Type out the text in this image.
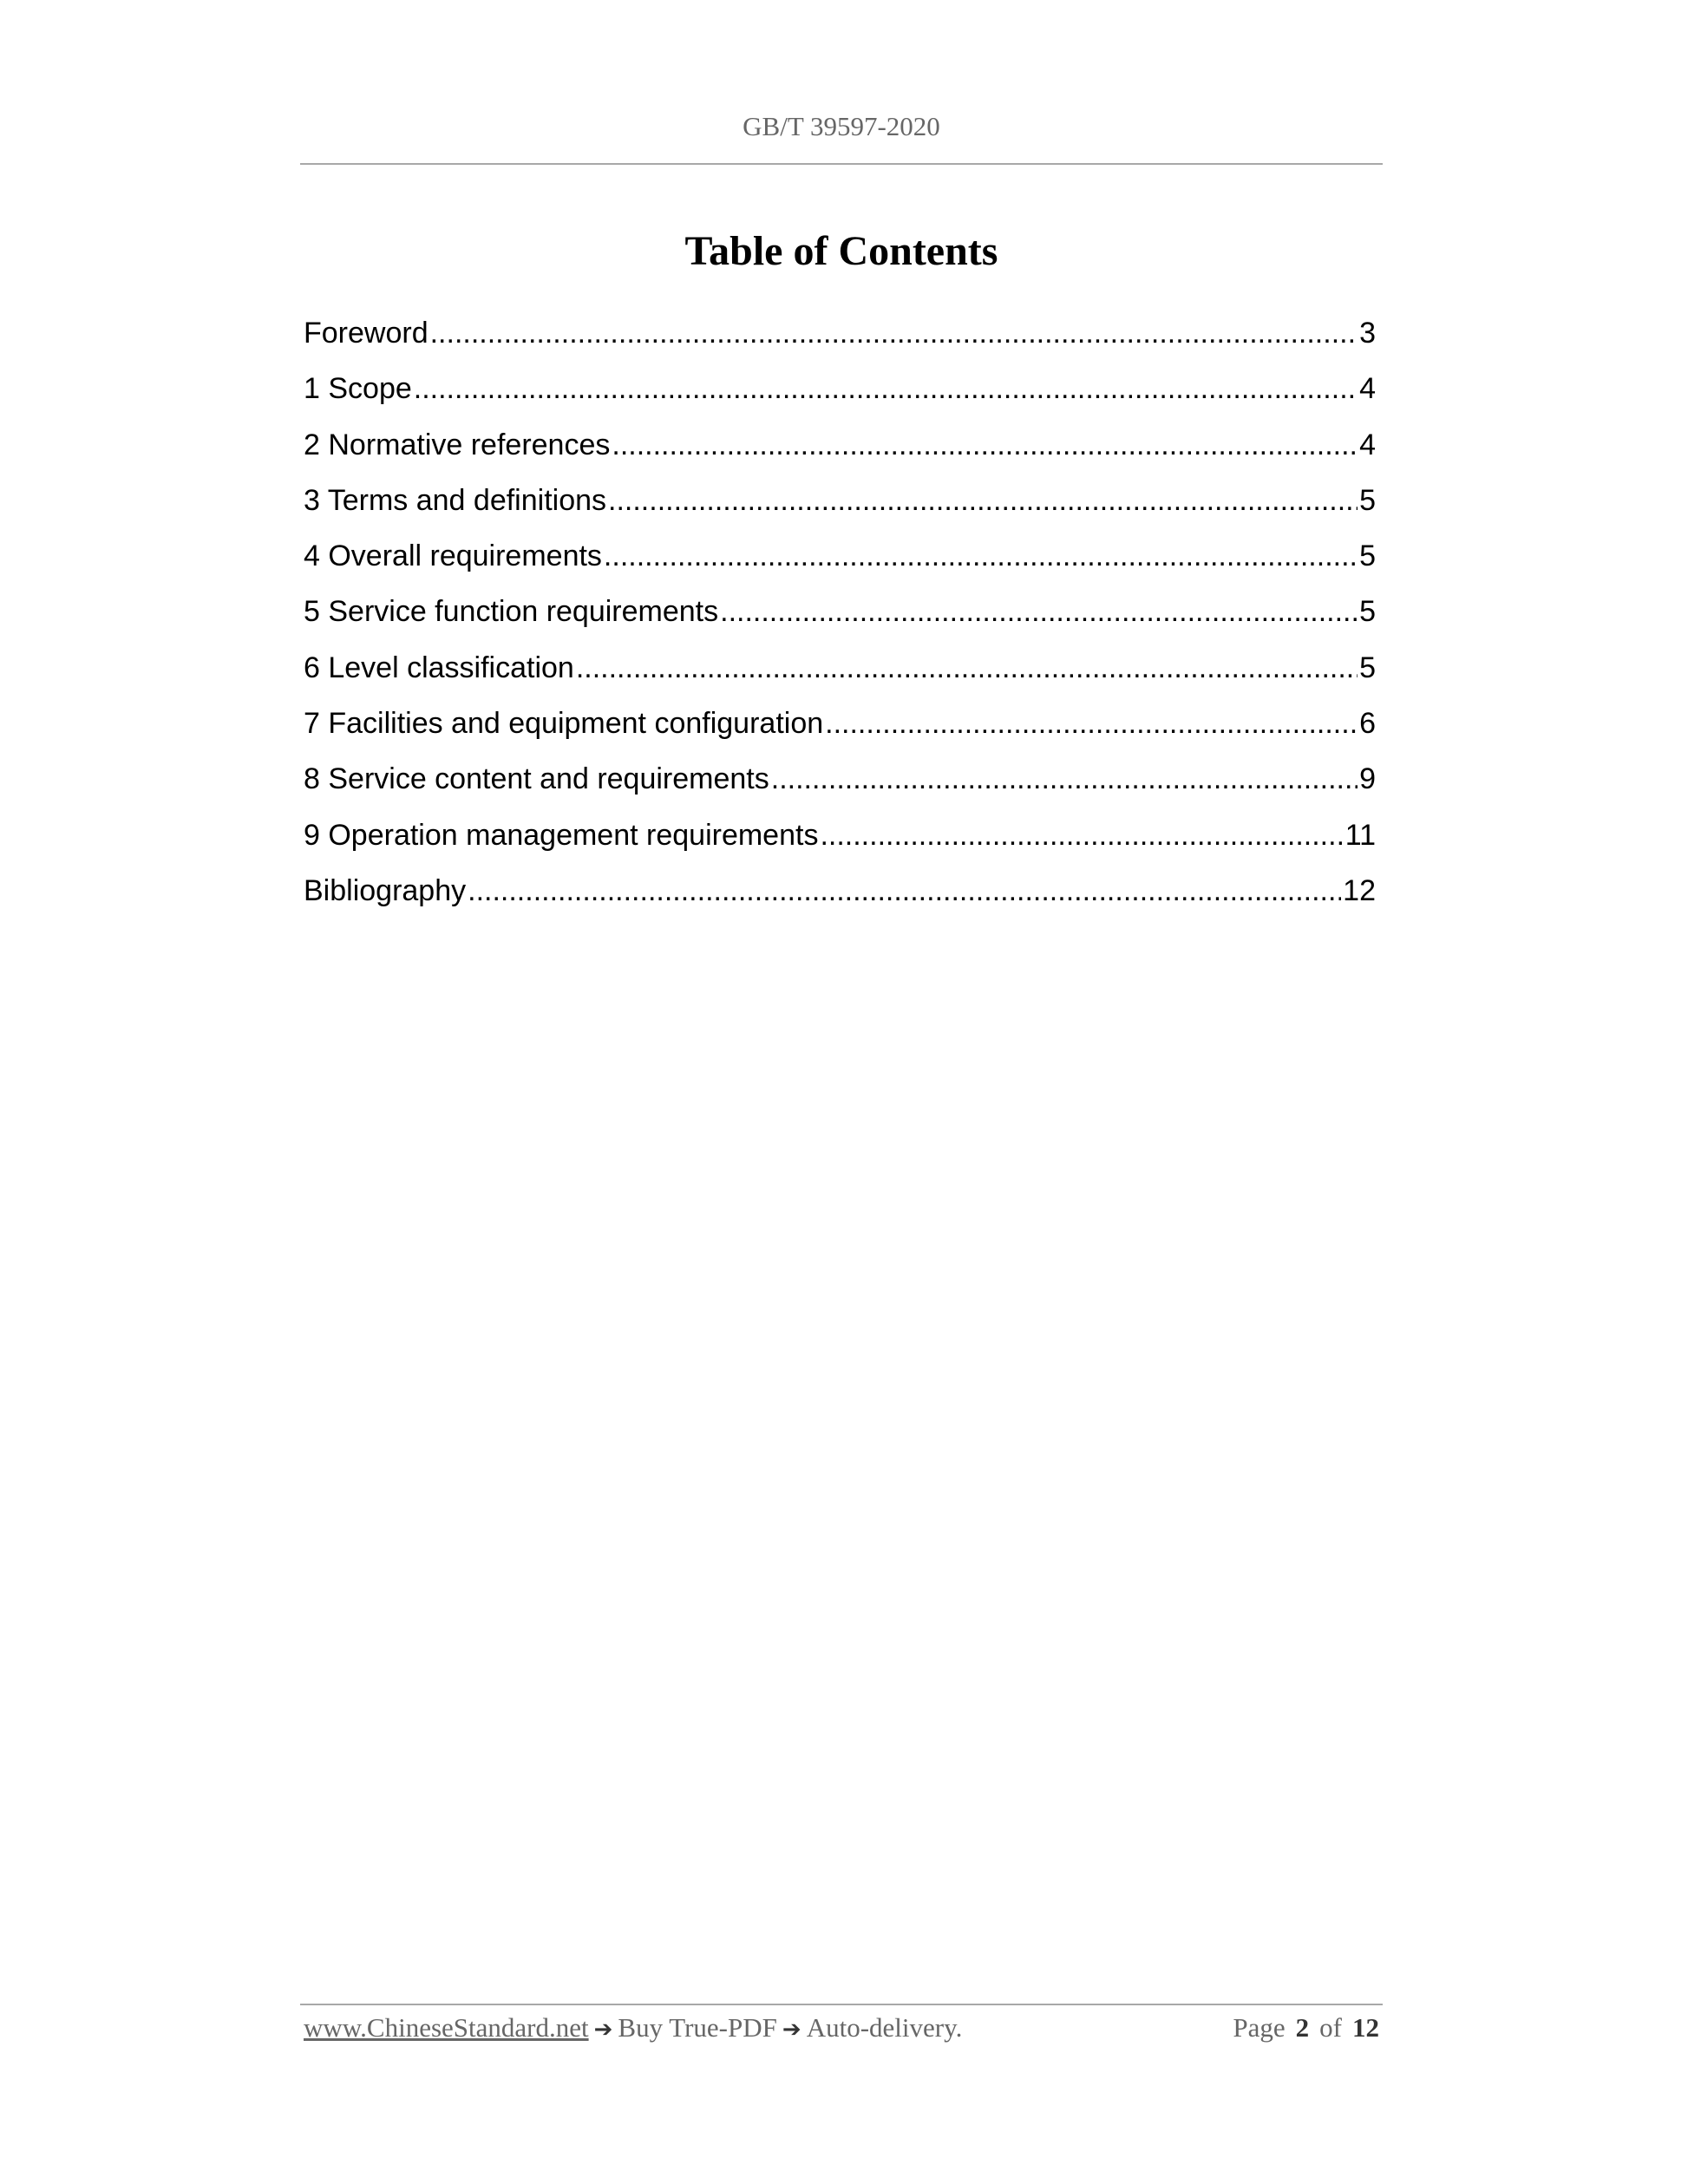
GB/T 39597-2020
Table of Contents
Foreword .....	3
1 Scope .....	4
2 Normative references .....	4
3 Terms and definitions .....	5
4 Overall requirements .....	5
5 Service function requirements .....	5
6 Level classification .....	5
7 Facilities and equipment configuration .....	6
8 Service content and requirements .....	9
9 Operation management requirements .....	11
Bibliography .....	12
www.ChineseStandard.net ➔ Buy True-PDF ➔ Auto-delivery.	Page 2 of 12
